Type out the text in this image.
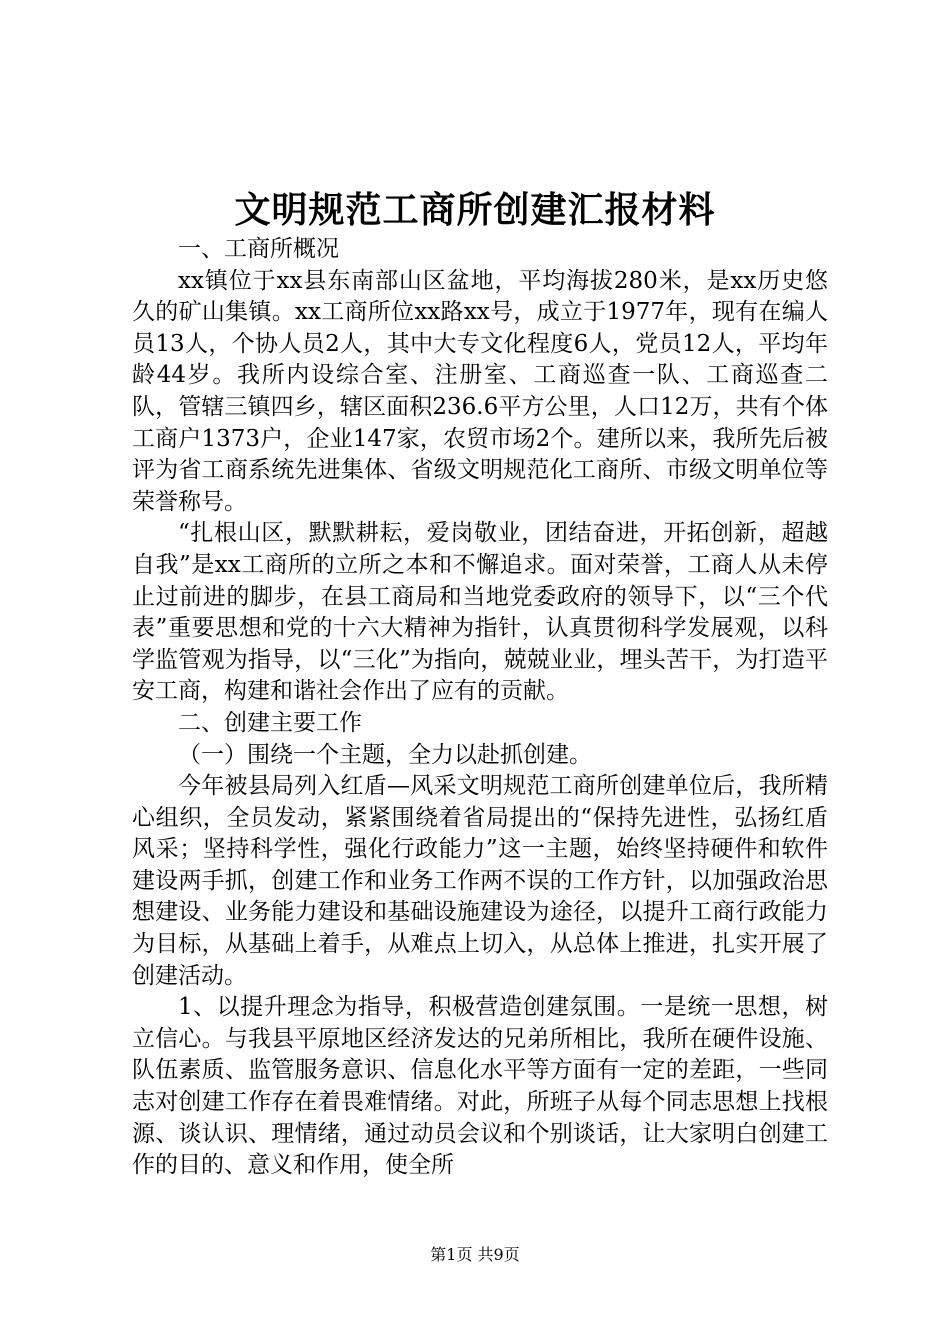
文明规范工商所创建汇报材料

一、工商所概况

xx镇位于xx县东南部山区盆地，平均海拔280米，是xx历史悠久的矿山集镇。xx工商所位xx路xx号，成立于1977年，现有在编人员13人，个协人员2人，其中大专文化程度6人，党员12人，平均年龄44岁。我所内设综合室、注册室、工商巡查一队、工商巡查二队，管辖三镇四乡，辖区面积236.6平方公里，人口12万，共有个体工商户1373户，企业147家，农贸市场2个。建所以来，我所先后被评为省工商系统先进集体、省级文明规范化工商所、市级文明单位等荣誉称号。

“扎根山区，默默耕耘，爱岗敬业，团结奋进，开拓创新，超越自我”是xx工商所的立所之本和不懈追求。面对荣誉，工商人从未停止过前进的脚步，在县工商局和当地党委政府的领导下，以“三个代表”重要思想和党的十六大精神为指针，认真贯彻科学发展观，以科学监管观为指导，以“三化”为指向，兢兢业业，埋头苦干，为打造平安工商，构建和谐社会作出了应有的贡献。

二、创建主要工作

（一）围绕一个主题，全力以赴抓创建。

今年被县局列入红盾—风采文明规范工商所创建单位后，我所精心组织，全员发动，紧紧围绕着省局提出的“保持先进性，弘扬红盾风采；坚持科学性，强化行政能力”这一主题，始终坚持硬件和软件建设两手抓，创建工作和业务工作两不误的工作方针，以加强政治思想建设、业务能力建设和基础设施建设为途径，以提升工商行政能力为目标，从基础上着手，从难点上切入，从总体上推进，扎实开展了创建活动。

1、以提升理念为指导，积极营造创建氛围。一是统一思想，树立信心。与我县平原地区经济发达的兄弟所相比，我所在硬件设施、队伍素质、监管服务意识、信息化水平等方面有一定的差距，一些同志对创建工作存在着畏难情绪。对此，所班子从每个同志思想上找根源、谈认识、理情绪，通过动员会议和个别谈话，让大家明白创建工作的目的、意义和作用，使全所

第1页 共9页
